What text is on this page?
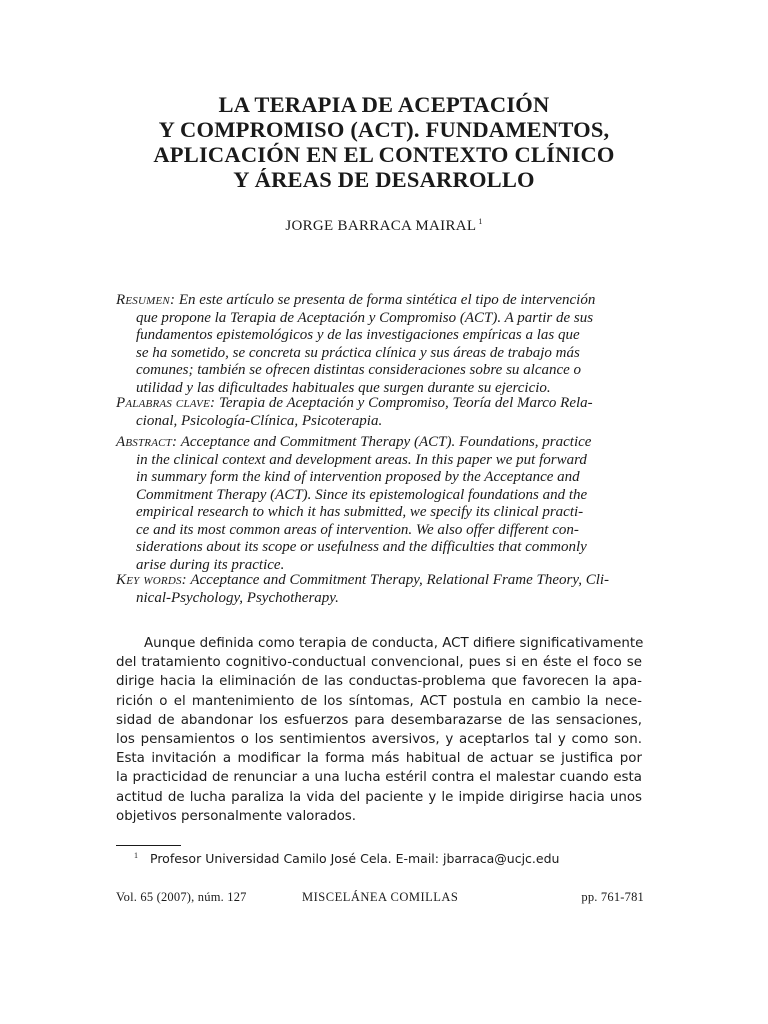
LA TERAPIA DE ACEPTACIÓN
Y COMPROMISO (ACT). FUNDAMENTOS,
APLICACIÓN EN EL CONTEXTO CLÍNICO
Y ÁREAS DE DESARROLLO
JORGE BARRACA MAIRAL $^1$

Resumen: En este artículo se presenta de forma sintética el tipo de intervención
que propone la Terapia de Aceptación y Compromiso (ACT). A partir de sus
fundamentos epistemológicos y de las investigaciones empíricas a las que
se ha sometido, se concreta su práctica clínica y sus áreas de trabajo más
comunes; también se ofrecen distintas consideraciones sobre su alcance o
utilidad y las dificultades habituales que surgen durante su ejercicio.

Palabras clave: Terapia de Aceptación y Compromiso, Teoría del Marco Rela-
cional, Psicología-Clínica, Psicoterapia.

Abstract: Acceptance and Commitment Therapy (ACT). Foundations, practice
in the clinical context and development areas. In this paper we put forward
in summary form the kind of intervention proposed by the Acceptance and
Commitment Therapy (ACT). Since its epistemological foundations and the
empirical research to which it has submitted, we specify its clinical practi-
ce and its most common areas of intervention. We also offer different con-
siderations about its scope or usefulness and the difficulties that commonly
arise during its practice.

Key words: Acceptance and Commitment Therapy, Relational Frame Theory, Cli-
nical-Psychology, Psychotherapy.

Aunque definida como terapia de conducta, ACT difiere significativamente
del tratamiento cognitivo-conductual convencional, pues si en éste el foco se
dirige hacia la eliminación de las conductas-problema que favorecen la apa-
rición o el mantenimiento de los síntomas, ACT postula en cambio la nece-
sidad de abandonar los esfuerzos para desembarazarse de las sensaciones,
los pensamientos o los sentimientos aversivos, y aceptarlos tal y como son.
Esta invitación a modificar la forma más habitual de actuar se justifica por
la practicidad de renunciar a una lucha estéril contra el malestar cuando esta
actitud de lucha paraliza la vida del paciente y le impide dirigirse hacia unos
objetivos personalmente valorados.

$^1$ Profesor Universidad Camilo José Cela. E-mail: jbarraca@ucjc.edu
Vol. 65 (2007), núm. 127	MISCELÁNEA COMILLAS	pp. 761-781
